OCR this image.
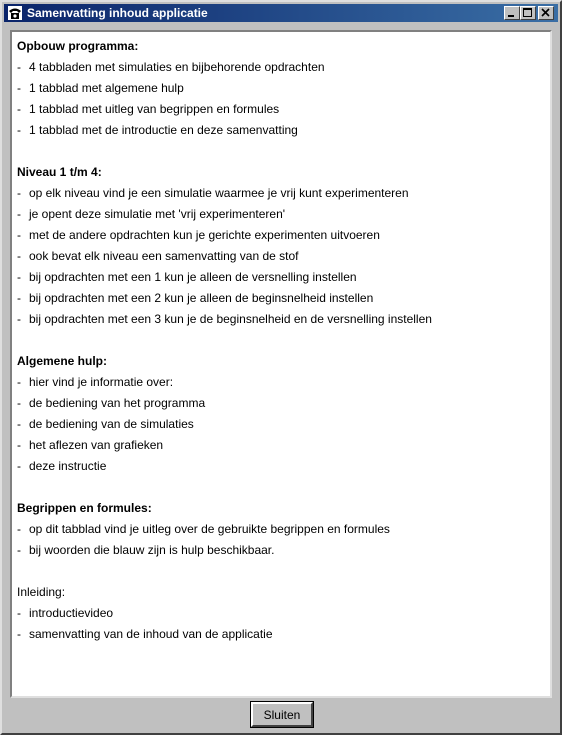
Samenvatting inhoud applicatie
Opbouw programma:
- 4 tabbladen met simulaties en bijbehorende opdrachten
- 1 tabblad met algemene hulp
- 1 tabblad met uitleg van begrippen en formules
- 1 tabblad met de introductie en deze samenvatting
Niveau 1 t/m 4:
- op elk niveau vind je een simulatie waarmee je vrij kunt experimenteren
- je opent deze simulatie met 'vrij experimenteren'
- met de andere opdrachten kun je gerichte experimenten uitvoeren
- ook bevat elk niveau een samenvatting van de stof
- bij opdrachten met een 1 kun je alleen de versnelling instellen
- bij opdrachten met een 2 kun je alleen de beginsnelheid instellen
- bij opdrachten met een 3 kun je de beginsnelheid en de versnelling instellen
Algemene hulp:
- hier vind je informatie over:
- de bediening van het programma
- de bediening van de simulaties
- het aflezen van grafieken
- deze instructie
Begrippen en formules:
- op dit tabblad vind je uitleg over de gebruikte begrippen en formules
- bij woorden die blauw zijn is hulp beschikbaar.
Inleiding:
- introductievideo
- samenvatting van de inhoud van de applicatie
Sluiten
